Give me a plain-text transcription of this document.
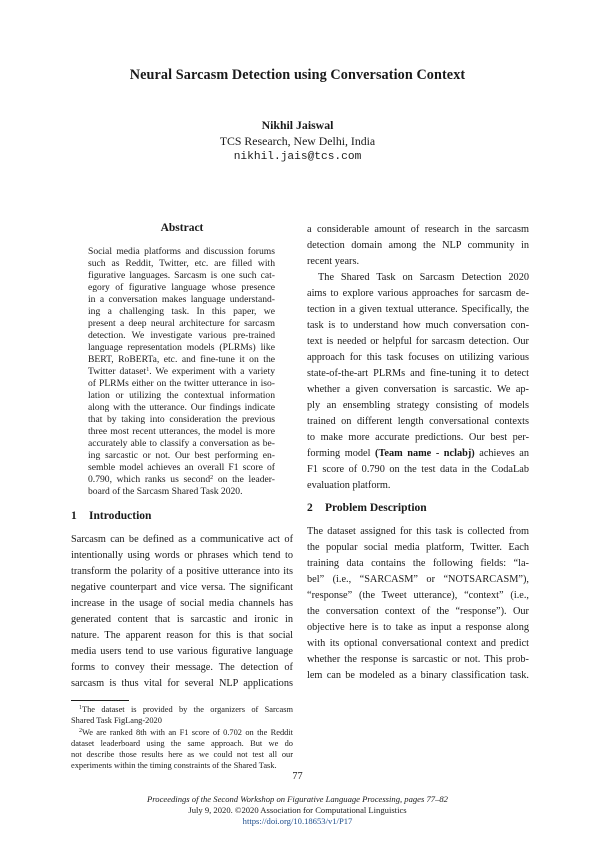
Neural Sarcasm Detection using Conversation Context
Nikhil Jaiswal
TCS Research, New Delhi, India
nikhil.jais@tcs.com
Abstract
Social media platforms and discussion forums
such as Reddit, Twitter, etc. are filled with
figurative languages. Sarcasm is one such cat-
egory of figurative language whose presence
in a conversation makes language understand-
ing a challenging task. In this paper, we
present a deep neural architecture for sarcasm
detection. We investigate various pre-trained
language representation models (PLRMs) like
BERT, RoBERTa, etc. and fine-tune it on the
Twitter dataset$^1$. We experiment with a variety
of PLRMs either on the twitter utterance in iso-
lation or utilizing the contextual information
along with the utterance. Our findings indicate
that by taking into consideration the previous
three most recent utterances, the model is more
accurately able to classify a conversation as be-
ing sarcastic or not. Our best performing en-
semble model achieves an overall F1 score of
0.790, which ranks us second$^2$ on the leader-
board of the Sarcasm Shared Task 2020.
1 Introduction
Sarcasm can be defined as a communicative act of
intentionally using words or phrases which tend to
transform the polarity of a positive utterance into its
negative counterpart and vice versa. The significant
increase in the usage of social media channels has
generated content that is sarcastic and ironic in
nature. The apparent reason for this is that social
media users tend to use various figurative language
forms to convey their message. The detection of
sarcasm is thus vital for several NLP applications
$^1$The dataset is provided by the organizers of Sarcasm
Shared Task FigLang-2020
$^2$We are ranked 8th with an F1 score of 0.702 on the Reddit
dataset leaderboard using the same approach. But we do
not describe those results here as we could not test all our
experiments within the timing constraints of the Shared Task.
a considerable amount of research in the sarcasm
detection domain among the NLP community in
recent years.
The Shared Task on Sarcasm Detection 2020
aims to explore various approaches for sarcasm de-
tection in a given textual utterance. Specifically, the
task is to understand how much conversation con-
text is needed or helpful for sarcasm detection. Our
approach for this task focuses on utilizing various
state-of-the-art PLRMs and fine-tuning it to detect
whether a given conversation is sarcastic. We ap-
ply an ensembling strategy consisting of models
trained on different length conversational contexts
to make more accurate predictions. Our best per-
forming model (Team name - nclabj) achieves an
F1 score of 0.790 on the test data in the CodaLab
evaluation platform.
2 Problem Description
The dataset assigned for this task is collected from
the popular social media platform, Twitter. Each
training data contains the following fields: “la-
bel” (i.e., “SARCASM” or “NOTSARCASM”),
“response” (the Tweet utterance), “context” (i.e.,
the conversation context of the “response”). Our
objective here is to take as input a response along
with its optional conversational context and predict
whether the response is sarcastic or not. This prob-
lem can be modeled as a binary classification task.
77
Proceedings of the Second Workshop on Figurative Language Processing, pages 77–82
July 9, 2020. ©2020 Association for Computational Linguistics
https://doi.org/10.18653/v1/P17
